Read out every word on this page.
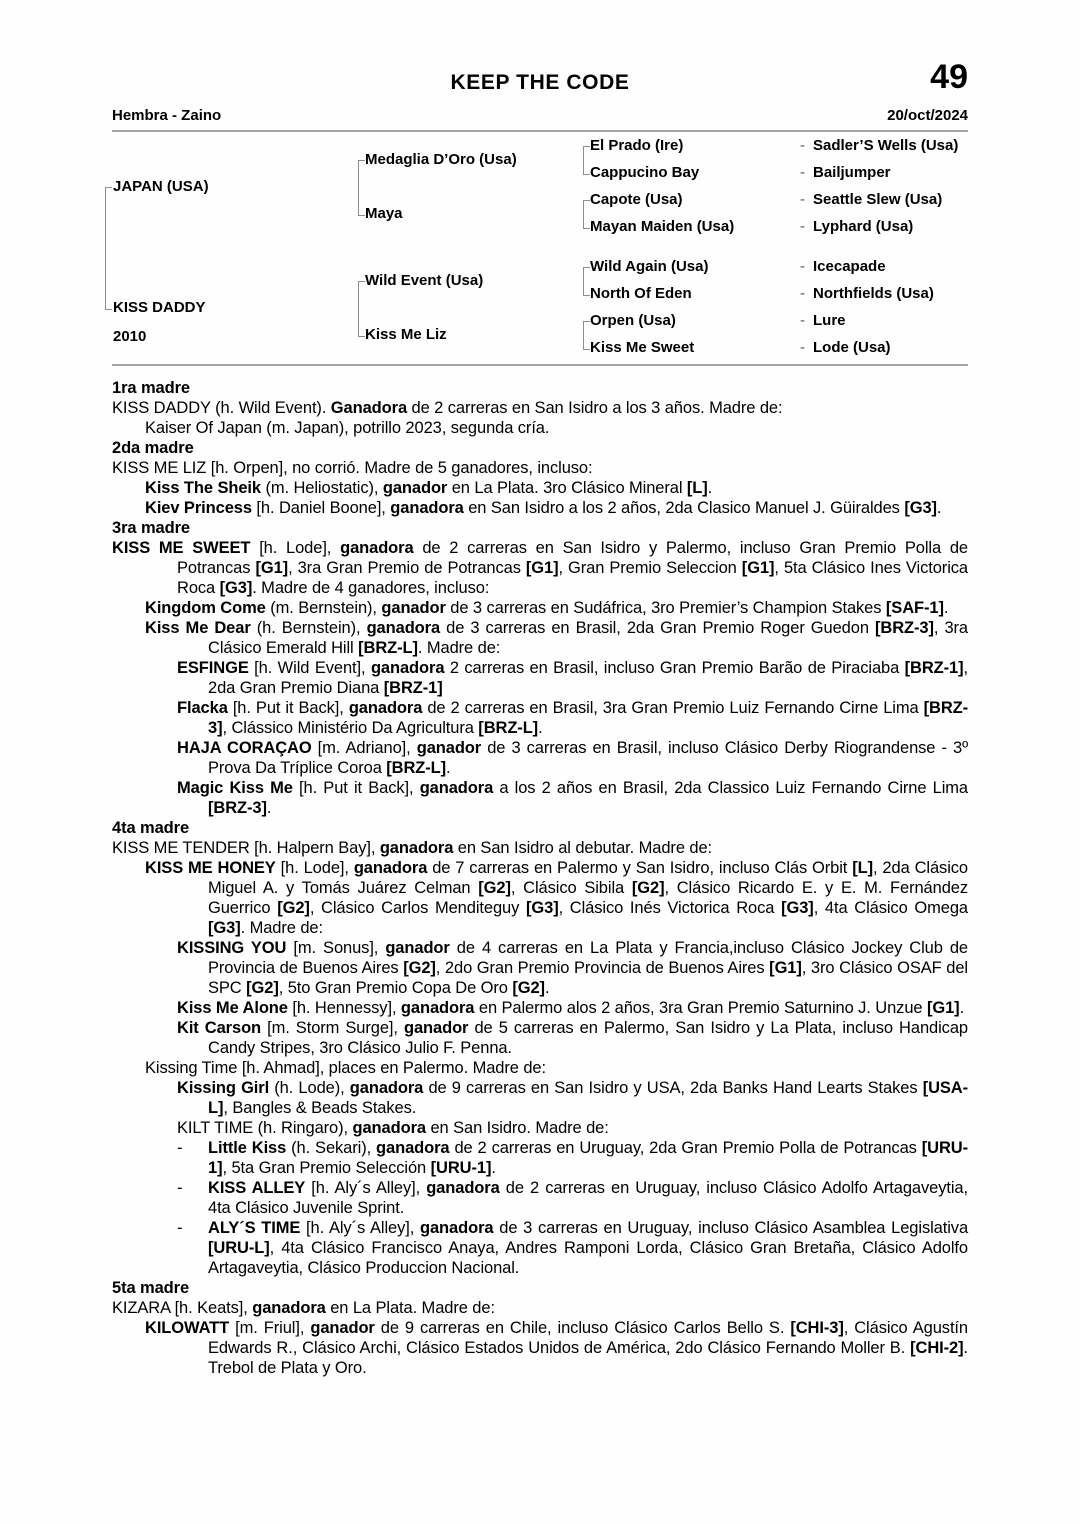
KEEP THE CODE	49
Hembra - Zaino	20/oct/2024
JAPAN (USA)
KISS DADDY
2010
Medaglia D’Oro (Usa)
Maya
Wild Event (Usa)
Kiss Me Liz
El Prado (Ire)
Cappucino Bay
Capote (Usa)
Mayan Maiden (Usa)
Wild Again (Usa)
North Of Eden
Orpen (Usa)
Kiss Me Sweet
- Sadler’S Wells (Usa)
- Bailjumper
- Seattle Slew (Usa)
- Lyphard (Usa)
- Icecapade
- Northfields (Usa)
- Lure
- Lode (Usa)
1ra madre
KISS DADDY (h. Wild Event). Ganadora de 2 carreras en San Isidro a los 3 años. Madre de:
Kaiser Of Japan (m. Japan), potrillo 2023, segunda cría.
2da madre
KISS ME LIZ [h. Orpen], no corrió. Madre de 5 ganadores, incluso:
Kiss The Sheik (m. Heliostatic), ganador en La Plata. 3ro Clásico Mineral [L].
Kiev Princess [h. Daniel Boone], ganadora en San Isidro a los 2 años, 2da Clasico Manuel J. Güiraldes [G3].
3ra madre
KISS ME SWEET [h. Lode], ganadora de 2 carreras en San Isidro y Palermo, incluso Gran Premio Polla de Potrancas [G1], 3ra Gran Premio de Potrancas [G1], Gran Premio Seleccion [G1], 5ta Clásico Ines Victorica Roca [G3]. Madre de 4 ganadores, incluso:
Kingdom Come (m. Bernstein), ganador de 3 carreras en Sudáfrica, 3ro Premier’s Champion Stakes [SAF-1].
Kiss Me Dear (h. Bernstein), ganadora de 3 carreras en Brasil, 2da Gran Premio Roger Guedon [BRZ-3], 3ra Clásico Emerald Hill [BRZ-L]. Madre de:
ESFINGE [h. Wild Event], ganadora 2 carreras en Brasil, incluso Gran Premio Barão de Piraciaba [BRZ-1], 2da Gran Premio Diana [BRZ-1]
Flacka [h. Put it Back], ganadora de 2 carreras en Brasil, 3ra Gran Premio Luiz Fernando Cirne Lima [BRZ-3], Clássico Ministério Da Agricultura [BRZ-L].
HAJA CORAÇAO [m. Adriano], ganador de 3 carreras en Brasil, incluso Clásico Derby Riograndense - 3º Prova Da Tríplice Coroa [BRZ-L].
Magic Kiss Me [h. Put it Back], ganadora a los 2 años en Brasil, 2da Classico Luiz Fernando Cirne Lima [BRZ-3].
4ta madre
KISS ME TENDER [h. Halpern Bay], ganadora en San Isidro al debutar. Madre de:
KISS ME HONEY [h. Lode], ganadora de 7 carreras en Palermo y San Isidro, incluso Clás Orbit [L], 2da Clásico Miguel A. y Tomás Juárez Celman [G2], Clásico Sibila [G2], Clásico Ricardo E. y E. M. Fernández Guerrico [G2], Clásico Carlos Menditeguy [G3], Clásico Inés Victorica Roca [G3], 4ta Clásico Omega [G3]. Madre de:
KISSING YOU [m. Sonus], ganador de 4 carreras en La Plata y Francia,incluso Clásico Jockey Club de Provincia de Buenos Aires [G2], 2do Gran Premio Provincia de Buenos Aires [G1], 3ro Clásico OSAF del SPC [G2], 5to Gran Premio Copa De Oro [G2].
Kiss Me Alone [h. Hennessy], ganadora en Palermo alos 2 años, 3ra Gran Premio Saturnino J. Unzue [G1].
Kit Carson [m. Storm Surge], ganador de 5 carreras en Palermo, San Isidro y La Plata, incluso Handicap Candy Stripes, 3ro Clásico Julio F. Penna.
Kissing Time [h. Ahmad], places en Palermo. Madre de:
Kissing Girl (h. Lode), ganadora de 9 carreras en San Isidro y USA, 2da Banks Hand Learts Stakes [USA-L], Bangles & Beads Stakes.
KILT TIME (h. Ringaro), ganadora en San Isidro. Madre de:
- Little Kiss (h. Sekari), ganadora de 2 carreras en Uruguay, 2da Gran Premio Polla de Potrancas [URU-1], 5ta Gran Premio Selección [URU-1].
- KISS ALLEY [h. Aly´s Alley], ganadora de 2 carreras en Uruguay, incluso Clásico Adolfo Artagaveytia, 4ta Clásico Juvenile Sprint.
- ALY´S TIME [h. Aly´s Alley], ganadora de 3 carreras en Uruguay, incluso Clásico Asamblea Legislativa [URU-L], 4ta Clásico Francisco Anaya, Andres Ramponi Lorda, Clásico Gran Bretaña, Clásico Adolfo Artagaveytia, Clásico Produccion Nacional.
5ta madre
KIZARA [h. Keats], ganadora en La Plata. Madre de:
KILOWATT [m. Friul], ganador de 9 carreras en Chile, incluso Clásico Carlos Bello S. [CHI-3], Clásico Agustín Edwards R., Clásico Archi, Clásico Estados Unidos de América, 2do Clásico Fernando Moller B. [CHI-2]. Trebol de Plata y Oro.
